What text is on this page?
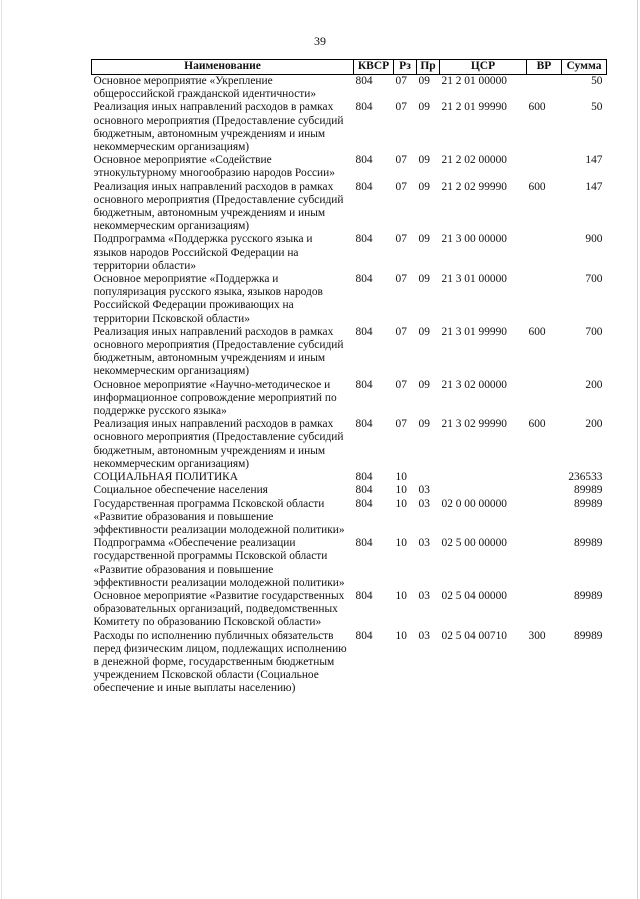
39
Наименование	КВСР	Рз	Пр	ЦСР	ВР	Сумма
Основное мероприятие «Укрепление общероссийской гражданской идентичности»	804	07	09	21 2 01 00000		50
Реализация иных направлений расходов в рамках основного мероприятия (Предоставление субсидий бюджетным, автономным учреждениям и иным некоммерческим организациям)	804	07	09	21 2 01 99990	600	50
Основное мероприятие «Содействие этнокультурному многообразию народов России»	804	07	09	21 2 02 00000		147
Реализация иных направлений расходов в рамках основного мероприятия (Предоставление субсидий бюджетным, автономным учреждениям и иным некоммерческим организациям)	804	07	09	21 2 02 99990	600	147
Подпрограмма «Поддержка русского языка и языков народов Российской Федерации на территории области»	804	07	09	21 3 00 00000		900
Основное мероприятие «Поддержка и популяризация русского языка, языков народов Российской Федерации проживающих на территории Псковской области»	804	07	09	21 3 01 00000		700
Реализация иных направлений расходов в рамках основного мероприятия (Предоставление субсидий бюджетным, автономным учреждениям и иным некоммерческим организациям)	804	07	09	21 3 01 99990	600	700
Основное мероприятие «Научно-методическое и информационное сопровождение мероприятий по поддержке русского языка»	804	07	09	21 3 02 00000		200
Реализация иных направлений расходов в рамках основного мероприятия (Предоставление субсидий бюджетным, автономным учреждениям и иным некоммерческим организациям)	804	07	09	21 3 02 99990	600	200
СОЦИАЛЬНАЯ ПОЛИТИКА	804	10				236533
Социальное обеспечение населения	804	10	03			89989
Государственная программа Псковской области «Развитие образования и повышение эффективности реализации молодежной политики»	804	10	03	02 0 00 00000		89989
Подпрограмма «Обеспечение реализации государственной программы Псковской области «Развитие образования и повышение эффективности реализации молодежной политики»	804	10	03	02 5 00 00000		89989
Основное мероприятие «Развитие государственных образовательных организаций, подведомственных Комитету по образованию Псковской области»	804	10	03	02 5 04 00000		89989
Расходы по исполнению публичных обязательств перед физическим лицом, подлежащих исполнению в денежной форме, государственным бюджетным учреждением Псковской области (Социальное обеспечение и иные выплаты населению)	804	10	03	02 5 04 00710	300	89989
